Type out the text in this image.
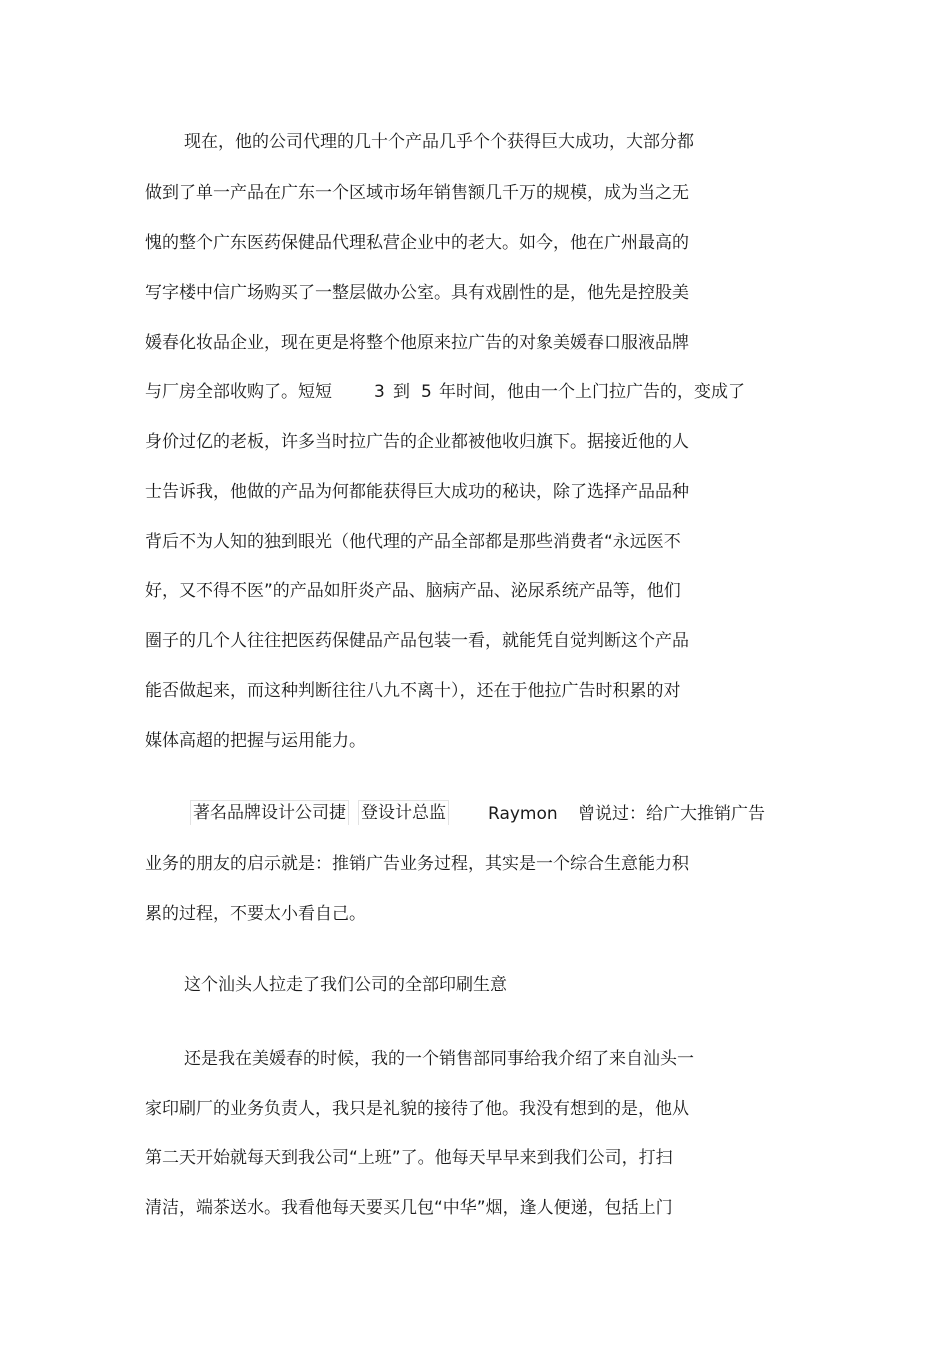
现在，他的公司代理的几十个产品几乎个个获得巨大成功，大部分都
做到了单一产品在广东一个区域市场年销售额几千万的规模，成为当之无
愧的整个广东医药保健品代理私营企业中的老大。如今，他在广州最高的
写字楼中信广场购买了一整层做办公室。具有戏剧性的是，他先是控股美
媛春化妆品企业，现在更是将整个他原来拉广告的对象美媛春口服液品牌
与厂房全部收购了。短短 3 到 5 年时间，他由一个上门拉广告的，变成了
身价过亿的老板，许多当时拉广告的企业都被他收归旗下。据接近他的人
士告诉我，他做的产品为何都能获得巨大成功的秘诀，除了选择产品品种
背后不为人知的独到眼光（他代理的产品全部都是那些消费者“永远医不
好，又不得不医”的产品如肝炎产品、脑病产品、泌尿系统产品等，他们
圈子的几个人往往把医药保健品产品包装一看，就能凭自觉判断这个产品
能否做起来，而这种判断往往八九不离十），还在于他拉广告时积累的对
媒体高超的把握与运用能力。
著名品牌设计公司捷 登设计总监 Raymon 曾说过：给广大推销广告
业务的朋友的启示就是：推销广告业务过程，其实是一个综合生意能力积
累的过程，不要太小看自己。
这个汕头人拉走了我们公司的全部印刷生意
还是我在美媛春的时候，我的一个销售部同事给我介绍了来自汕头一
家印刷厂的业务负责人，我只是礼貌的接待了他。我没有想到的是，他从
第二天开始就每天到我公司“上班”了。他每天早早来到我们公司，打扫
清洁，端茶送水。我看他每天要买几包“中华”烟，逢人便递，包括上门
